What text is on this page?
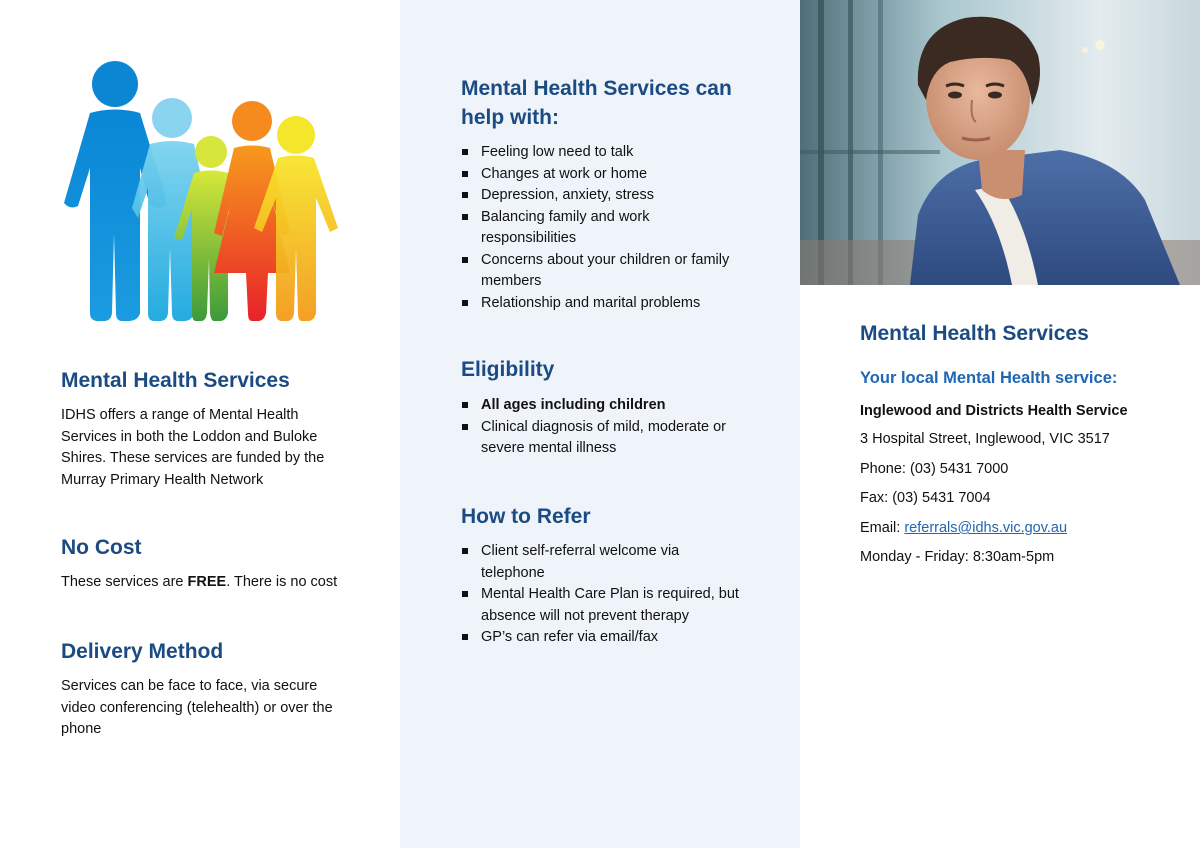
Mental Health Services

IDHS offers a range of Mental Health Services in both the Loddon and Buloke Shires. These services are funded by the Murray Primary Health Network

No Cost

These services are FREE. There is no cost

Delivery Method

Services can be face to face, via secure video conferencing (telehealth) or over the phone

Mental Health Services can help with:
Feeling low need to talk
Changes at work or home
Depression, anxiety, stress
Balancing family and work responsibilities
Concerns about your children or family members
Relationship and marital problems
Eligibility
All ages including children
Clinical diagnosis of mild, moderate or severe mental illness
How to Refer
Client self-referral welcome via telephone
Mental Health Care Plan is required, but absence will not prevent therapy
GP’s can refer via email/fax
Mental Health Services

Your local Mental Health service:

Inglewood and Districts Health Service

3 Hospital Street, Inglewood, VIC 3517

Phone: (03) 5431 7000

Fax: (03) 5431 7004

Email: referrals@idhs.vic.gov.au

Monday - Friday: 8:30am-5pm
